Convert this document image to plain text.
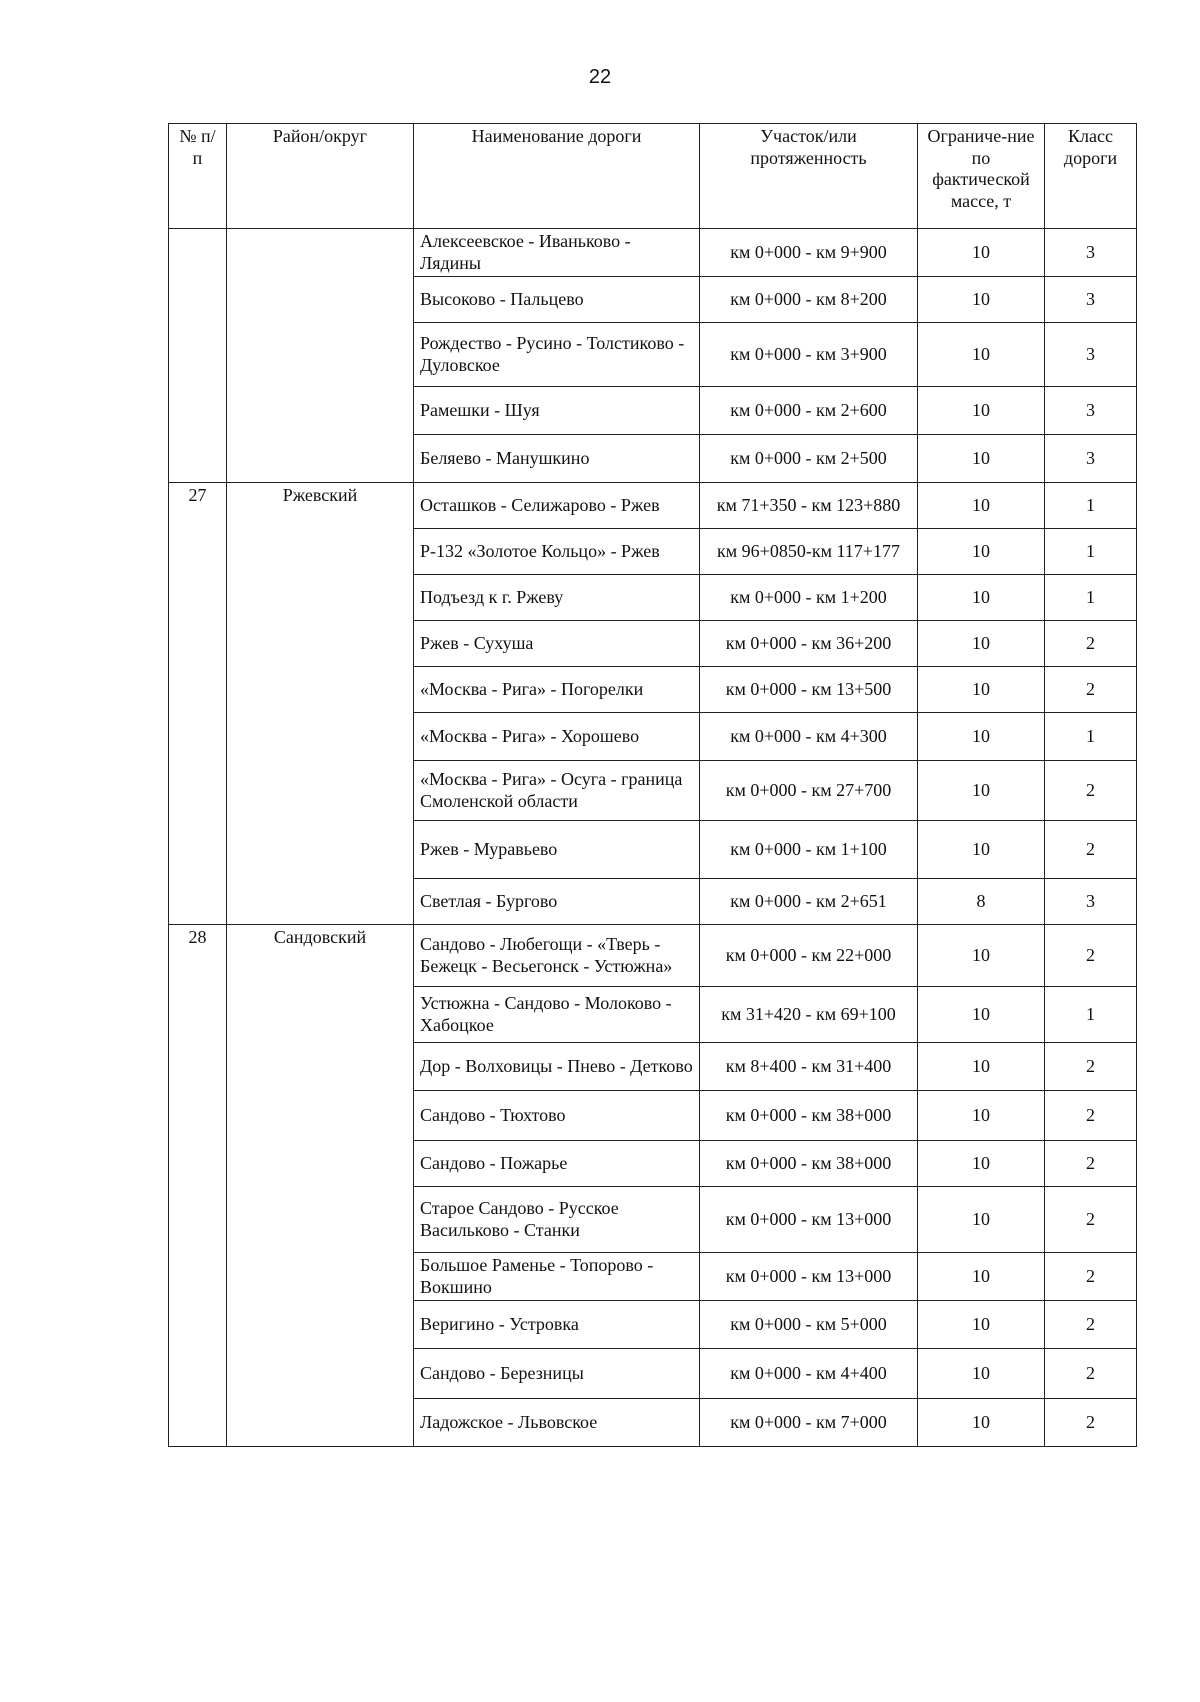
22
№ п/п	Район/округ	Наименование дороги	Участок/или протяженность	Ограниче-ние по фактической массе, т	Класс дороги
		Алексеевское - Иваньково - Лядины	км 0+000 - км 9+900	10	3
		Высоково - Пальцево	км 0+000 - км 8+200	10	3
		Рождество - Русино - Толстиково - Дуловское	км 0+000 - км 3+900	10	3
		Рамешки - Шуя	км 0+000 - км 2+600	10	3
		Беляево - Манушкино	км 0+000 - км 2+500	10	3
27	Ржевский	Осташков - Селижарово - Ржев	км 71+350 - км 123+880	10	1
		Р-132 «Золотое Кольцо» - Ржев	км 96+0850-км 117+177	10	1
		Подъезд к г. Ржеву	км 0+000 - км 1+200	10	1
		Ржев - Сухуша	км 0+000 - км 36+200	10	2
		«Москва - Рига» - Погорелки	км 0+000 - км 13+500	10	2
		«Москва - Рига» - Хорошево	км 0+000 - км 4+300	10	1
		«Москва - Рига» - Осуга - граница Смоленской области	км 0+000 - км 27+700	10	2
		Ржев - Муравьево	км 0+000 - км 1+100	10	2
		Светлая - Бургово	км 0+000 - км 2+651	8	3
28	Сандовский	Сандово - Любегощи - «Тверь - Бежецк - Весьегонск - Устюжна»	км 0+000 - км 22+000	10	2
		Устюжна - Сандово - Молоково - Хабоцкое	км 31+420 - км 69+100	10	1
		Дор - Волховицы - Пнево - Детково	км 8+400 - км 31+400	10	2
		Сандово - Тюхтово	км 0+000 - км 38+000	10	2
		Сандово - Пожарье	км 0+000 - км 38+000	10	2
		Старое Сандово - Русское Васильково - Станки	км 0+000 - км 13+000	10	2
		Большое Раменье - Топорово - Вокшино	км 0+000 - км 13+000	10	2
		Веригино - Устровка	км 0+000 - км 5+000	10	2
		Сандово - Березницы	км 0+000 - км 4+400	10	2
		Ладожское - Львовское	км 0+000 - км 7+000	10	2
